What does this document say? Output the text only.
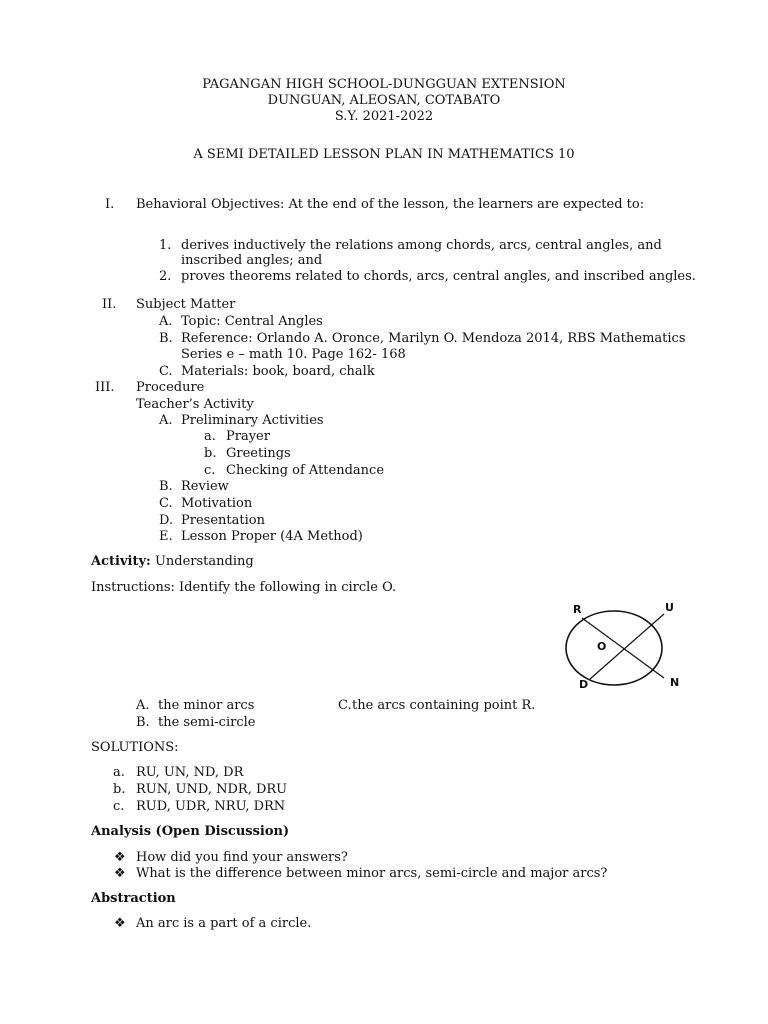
PAGANGAN HIGH SCHOOL-DUNGGUAN EXTENSION
DUNGUAN, ALEOSAN, COTABATO
S.Y. 2021-2022
A SEMI DETAILED LESSON PLAN IN MATHEMATICS 10
I. Behavioral Objectives: At the end of the lesson, the learners are expected to:
1. derives inductively the relations among chords, arcs, central angles, and
inscribed angles; and
2. proves theorems related to chords, arcs, central angles, and inscribed angles.
II. Subject Matter
A. Topic: Central Angles
B. Reference: Orlando A. Oronce, Marilyn O. Mendoza 2014, RBS Mathematics
Series e – math 10. Page 162- 168
C. Materials: book, board, chalk
III. Procedure
Teacher’s Activity
A. Preliminary Activities
a. Prayer
b. Greetings
c. Checking of Attendance
B. Review
C. Motivation
D. Presentation
E. Lesson Proper (4A Method)
Activity: Understanding
Instructions: Identify the following in circle O.
R	U
O
D	N
A. the minor arcs
B. the semi-circle
C. the arcs containing point R.
SOLUTIONS:
a. RU, UN, ND, DR
b. RUN, UND, NDR, DRU
c. RUD, UDR, NRU, DRN
Analysis (Open Discussion)
❖ How did you find your answers?
❖ What is the difference between minor arcs, semi-circle and major arcs?
Abstraction
❖ An arc is a part of a circle.
